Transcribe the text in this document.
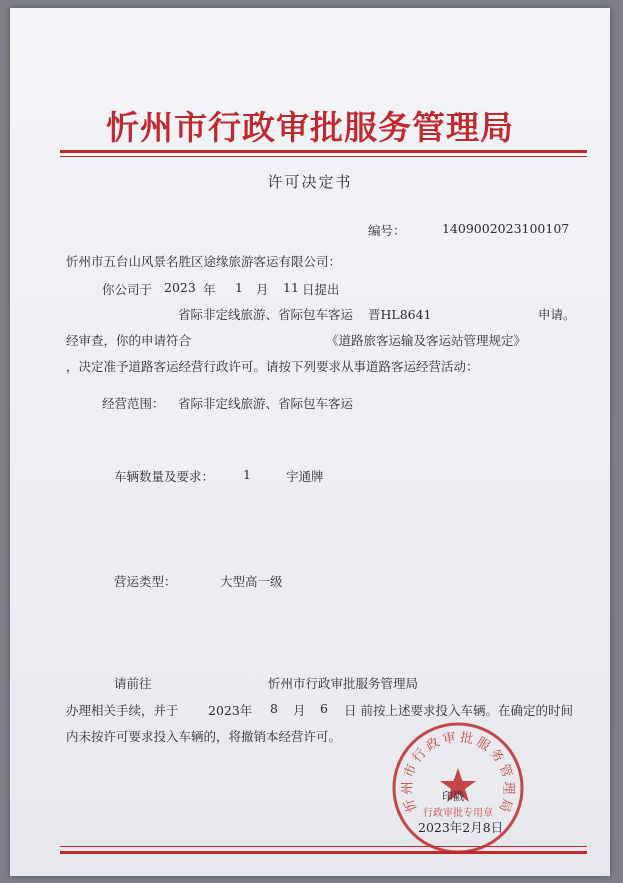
忻州市行政审批服务管理局
许可决定书
编号：	1409002023100107
忻州市五台山风景名胜区途缘旅游客运有限公司：
你公司于 2023 年 1 月 11 日提出
省际非定线旅游、省际包车客运 晋HL8641	申请。
经审查，你的申请符合	《道路旅客运输及客运站管理规定》
，决定准予道路客运经营行政许可。请按下列要求从事道路客运经营活动：
经营范围： 省际非定线旅游、省际包车客运
车辆数量及要求： 1	宇通牌
营运类型：	大型高一级
请前往	忻州市行政审批服务管理局
办理相关手续，并于 2023年 8 月 6 日 前按上述要求投入车辆。在确定的时间
内未按许可要求投入车辆的，将撤销本经营许可。
忻
州
市
行
政 审 批 服
务
管
理
局
行政审批专用章
印戳
2023年2月8日
